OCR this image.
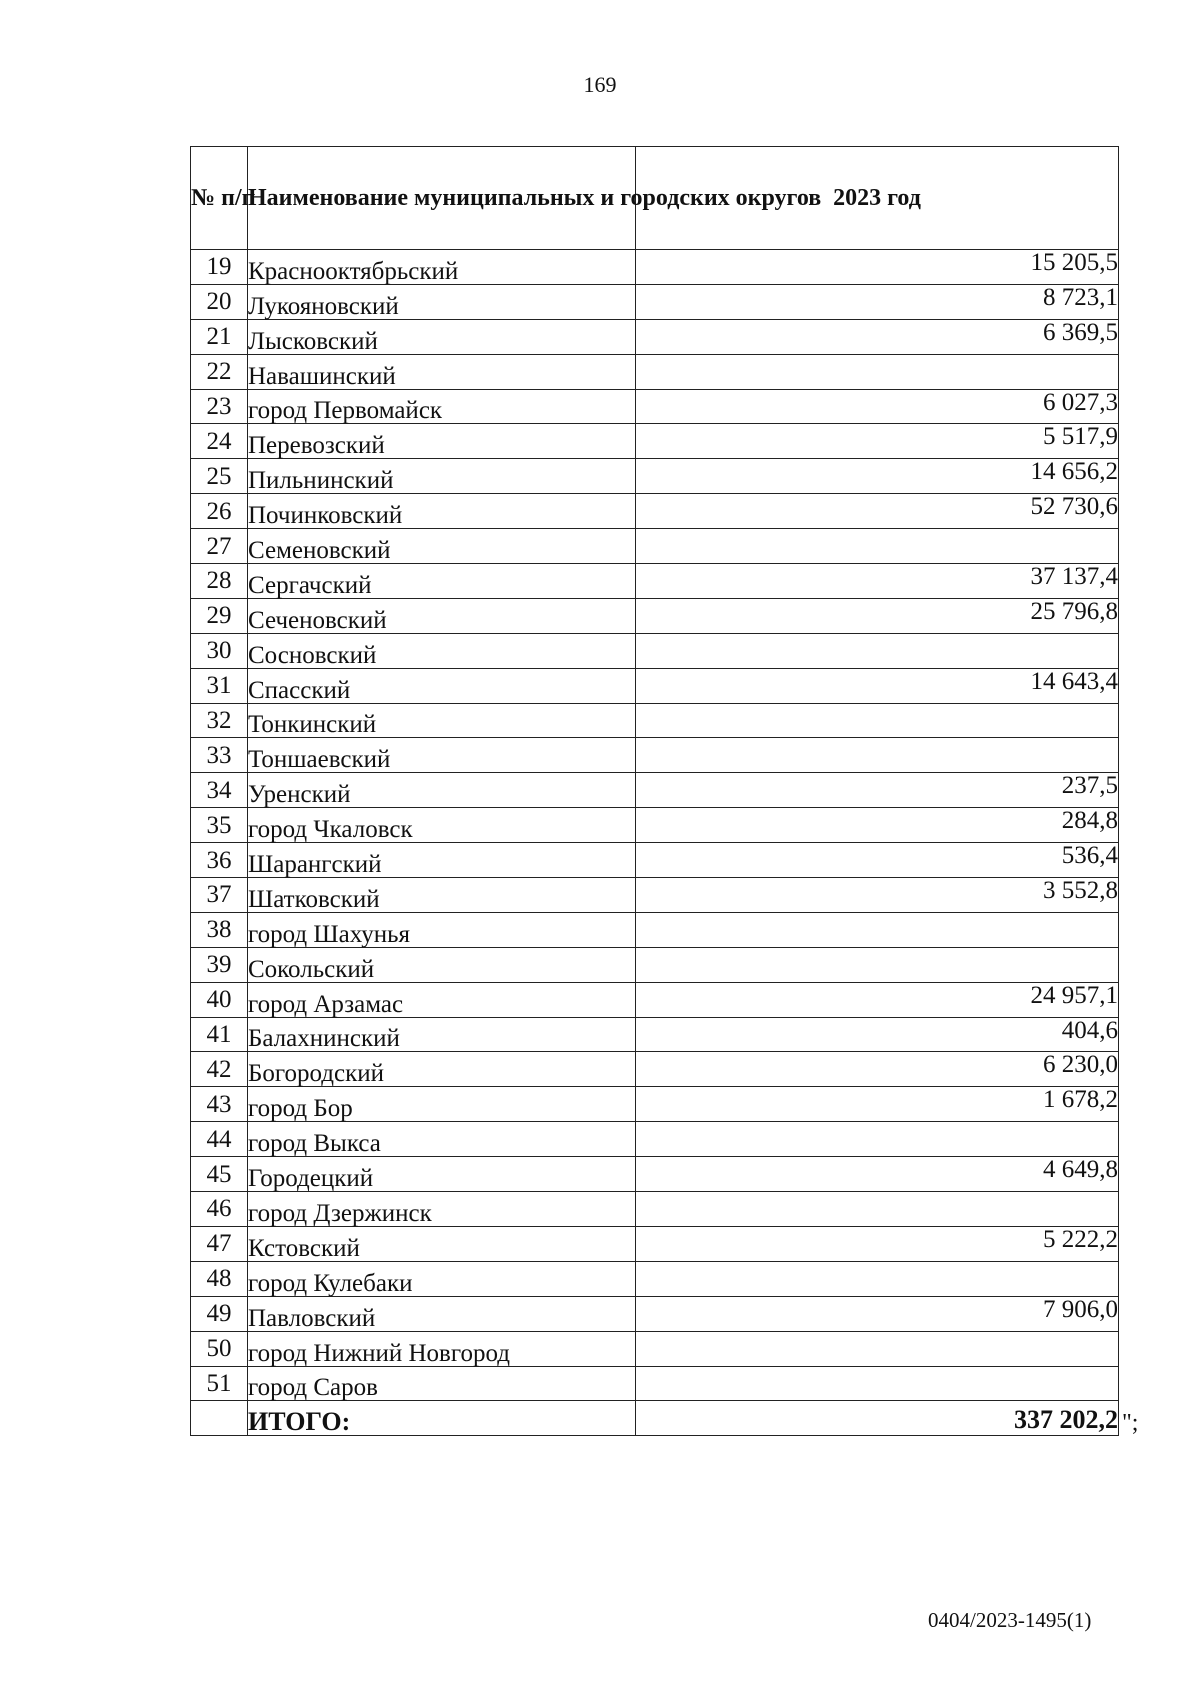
169
№ п/п	Наименование муниципальных и городских округов	2023 год
19	Краснооктябрьский	15 205,5
20	Лукояновский	8 723,1
21	Лысковский	6 369,5
22	Навашинский	
23	город Первомайск	6 027,3
24	Перевозский	5 517,9
25	Пильнинский	14 656,2
26	Починковский	52 730,6
27	Семеновский	
28	Сергачский	37 137,4
29	Сеченовский	25 796,8
30	Сосновский	
31	Спасский	14 643,4
32	Тонкинский	
33	Тоншаевский	
34	Уренский	237,5
35	город Чкаловск	284,8
36	Шарангский	536,4
37	Шатковский	3 552,8
38	город Шахунья	
39	Сокольский	
40	город Арзамас	24 957,1
41	Балахнинский	404,6
42	Богородский	6 230,0
43	город Бор	1 678,2
44	город Выкса	
45	Городецкий	4 649,8
46	город Дзержинск	
47	Кстовский	5 222,2
48	город Кулебаки	
49	Павловский	7 906,0
50	город Нижний Новгород	
51	город Саров	
	ИТОГО:	337 202,2 ";
0404/2023-1495(1)
